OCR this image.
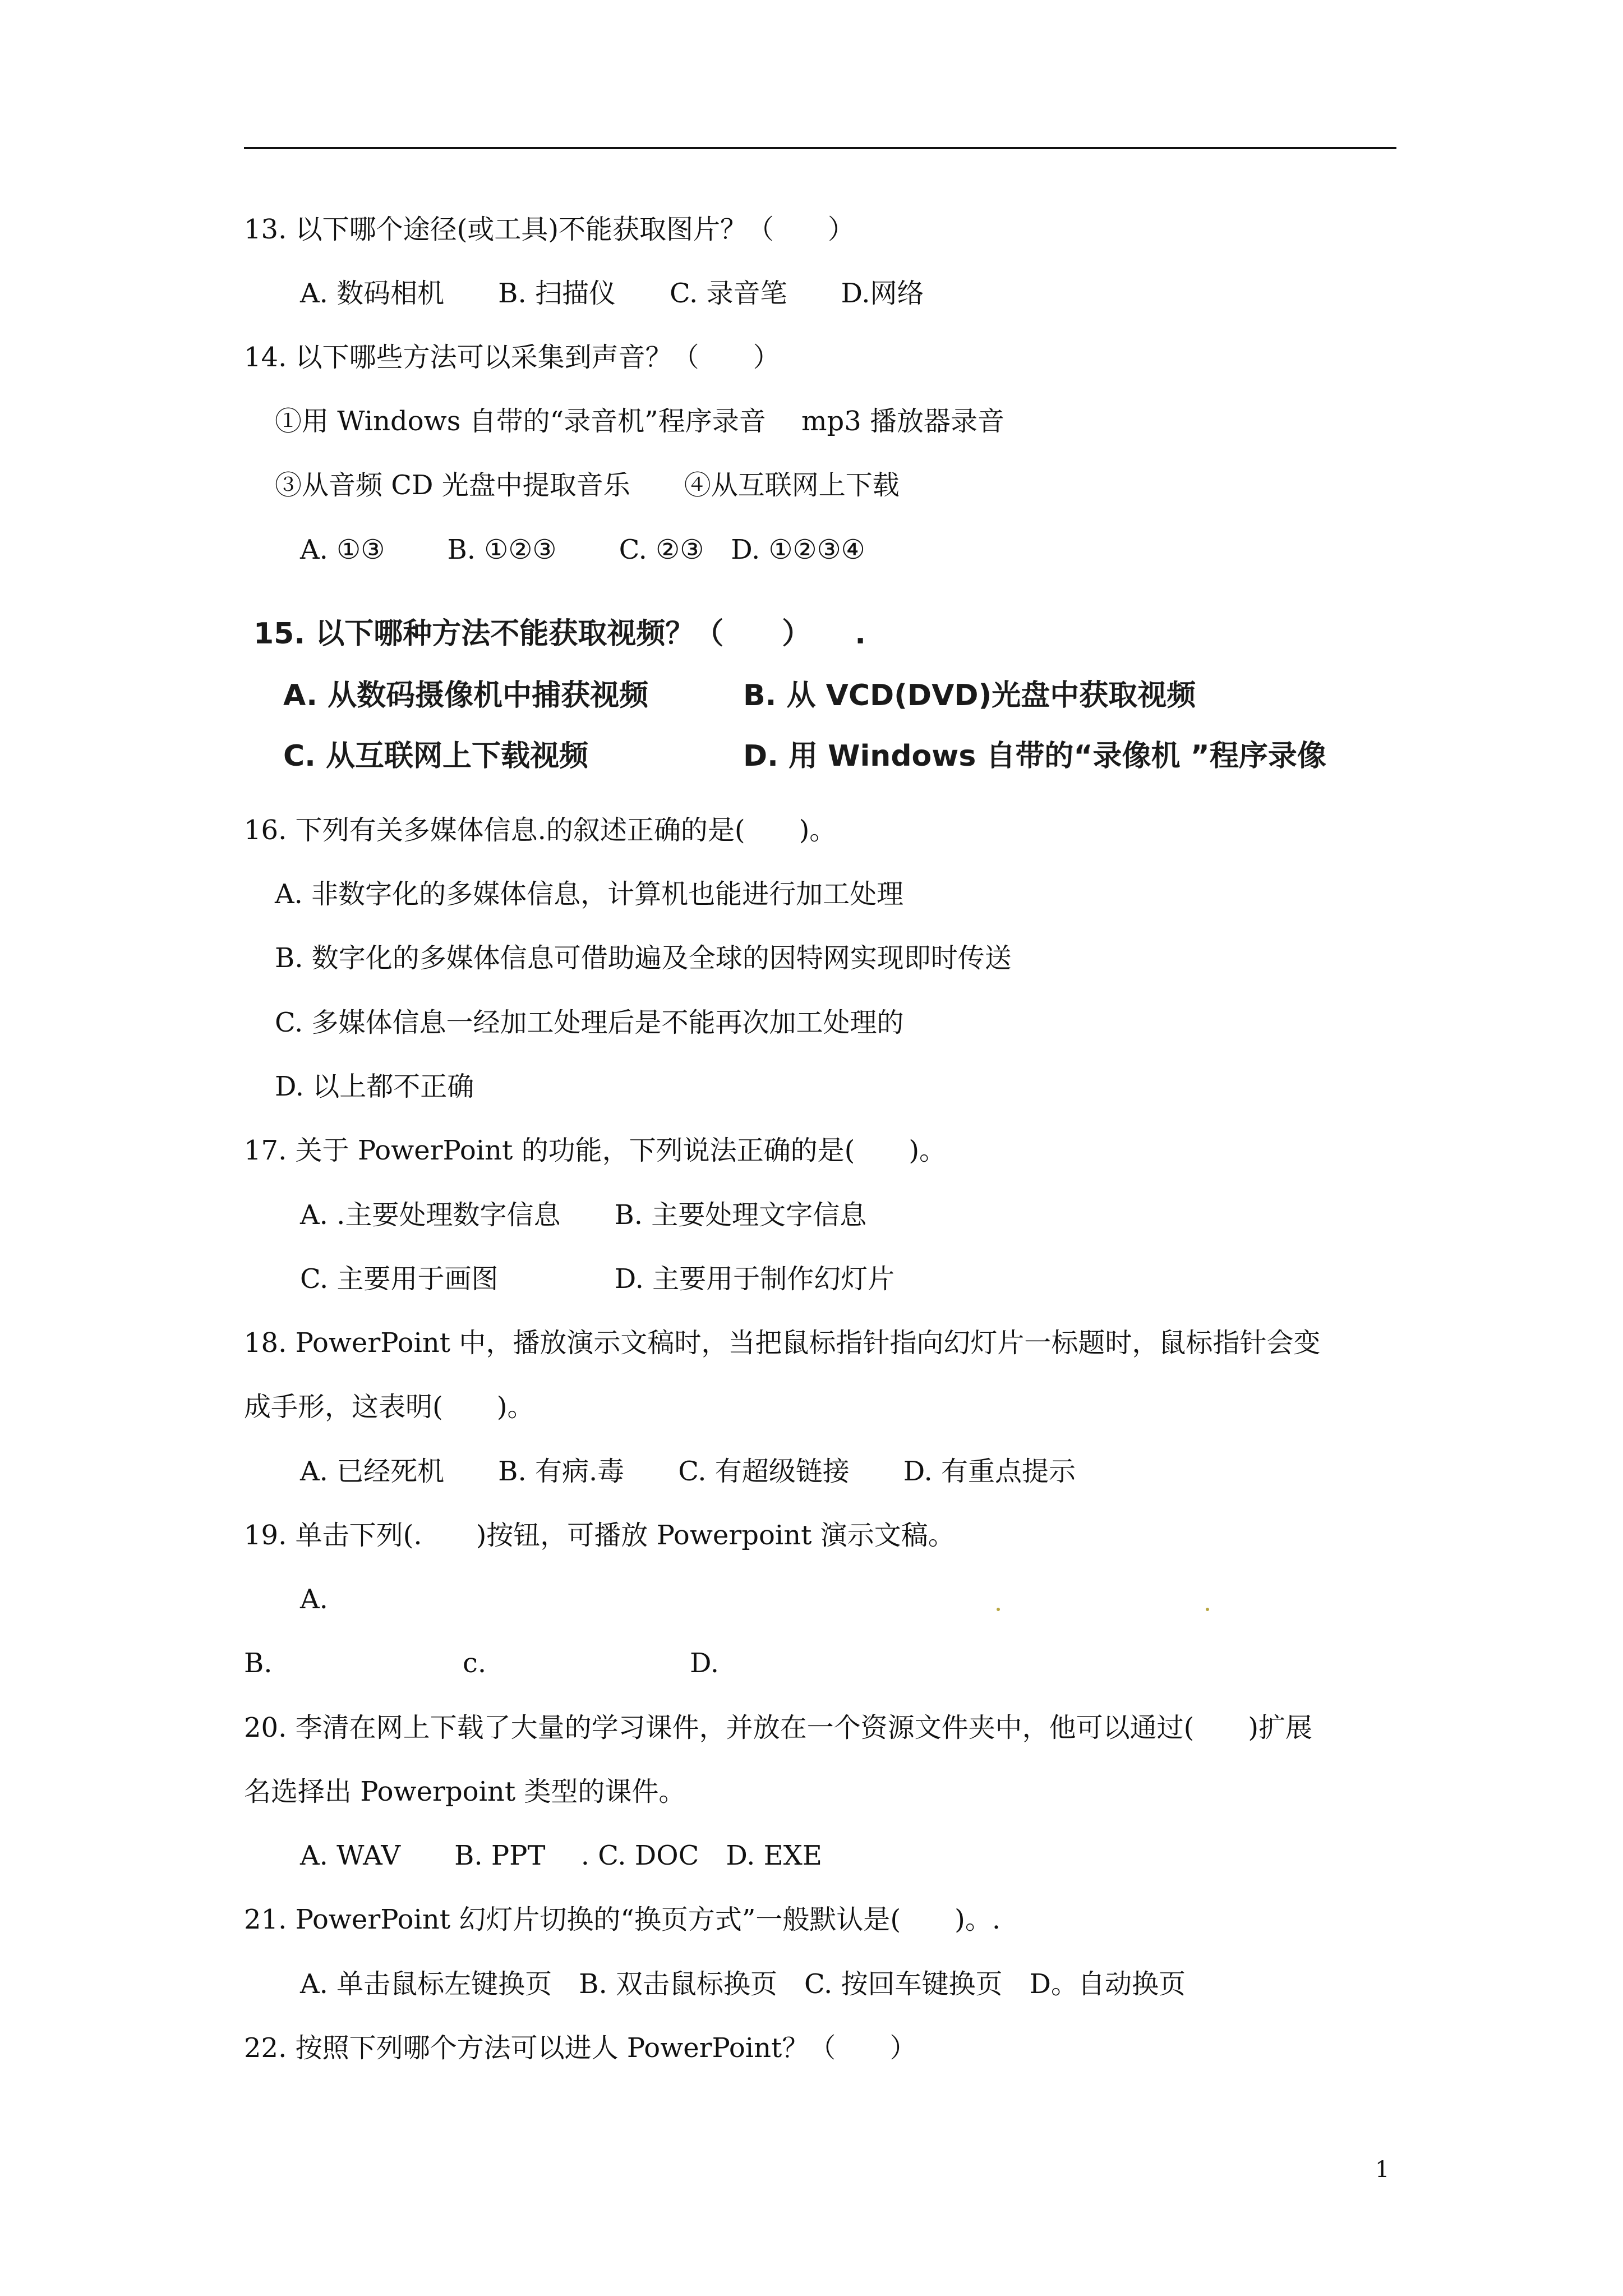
13. 以下哪个途径(或工具)不能获取图片？（　　）
A. 数码相机　　B. 扫描仪　　C. 录音笔　　D.网络
14. 以下哪些方法可以采集到声音？（　　）
①用 Windows 自带的“录音机”程序录音　 mp3 播放器录音
③从音频 CD 光盘中提取音乐　　④从互联网上下载
A. ①③　　 B. ①②③　　 C. ②③　D. ①②③④
15. 以下哪种方法不能获取视频？（　　）　　.
A. 从数码摄像机中捕获视频	B. 从 VCD(DVD)光盘中获取视频
C. 从互联网上下载视频	D. 用 Windows 自带的“录像机 ”程序录像
16. 下列有关多媒体信息.的叙述正确的是(　　)。
A. 非数字化的多媒体信息，计算机也能进行加工处理
B. 数字化的多媒体信息可借助遍及全球的因特网实现即时传送
C. 多媒体信息一经加工处理后是不能再次加工处理的
D. 以上都不正确
17. 关于 PowerPoint 的功能，下列说法正确的是(　　)。
A. .主要处理数字信息　　B. 主要处理文字信息
C. 主要用于画图　　　　 D. 主要用于制作幻灯片
18. PowerPoint 中，播放演示文稿时，当把鼠标指针指向幻灯片一标题时，鼠标指针会变
成手形，这表明(　　)。
A. 已经死机　　B. 有病.毒　　C. 有超级链接　　D. 有重点提示
19. 单击下列(.　　)按钮，可播放 Powerpoint 演示文稿。
A.
B.	c.	D.
20. 李清在网上下载了大量的学习课件，并放在一个资源文件夹中，他可以通过(　　)扩展
名选择出 Powerpoint 类型的课件。
A. WAV　　B. PPT　 . C. DOC　D. EXE
21. PowerPoint 幻灯片切换的“换页方式”一般默认是(　　)。.
A. 单击鼠标左键换页　B. 双击鼠标换页　C. 按回车键换页　D。自动换页
22. 按照下列哪个方法可以进人 PowerPoint？（　　）
1
